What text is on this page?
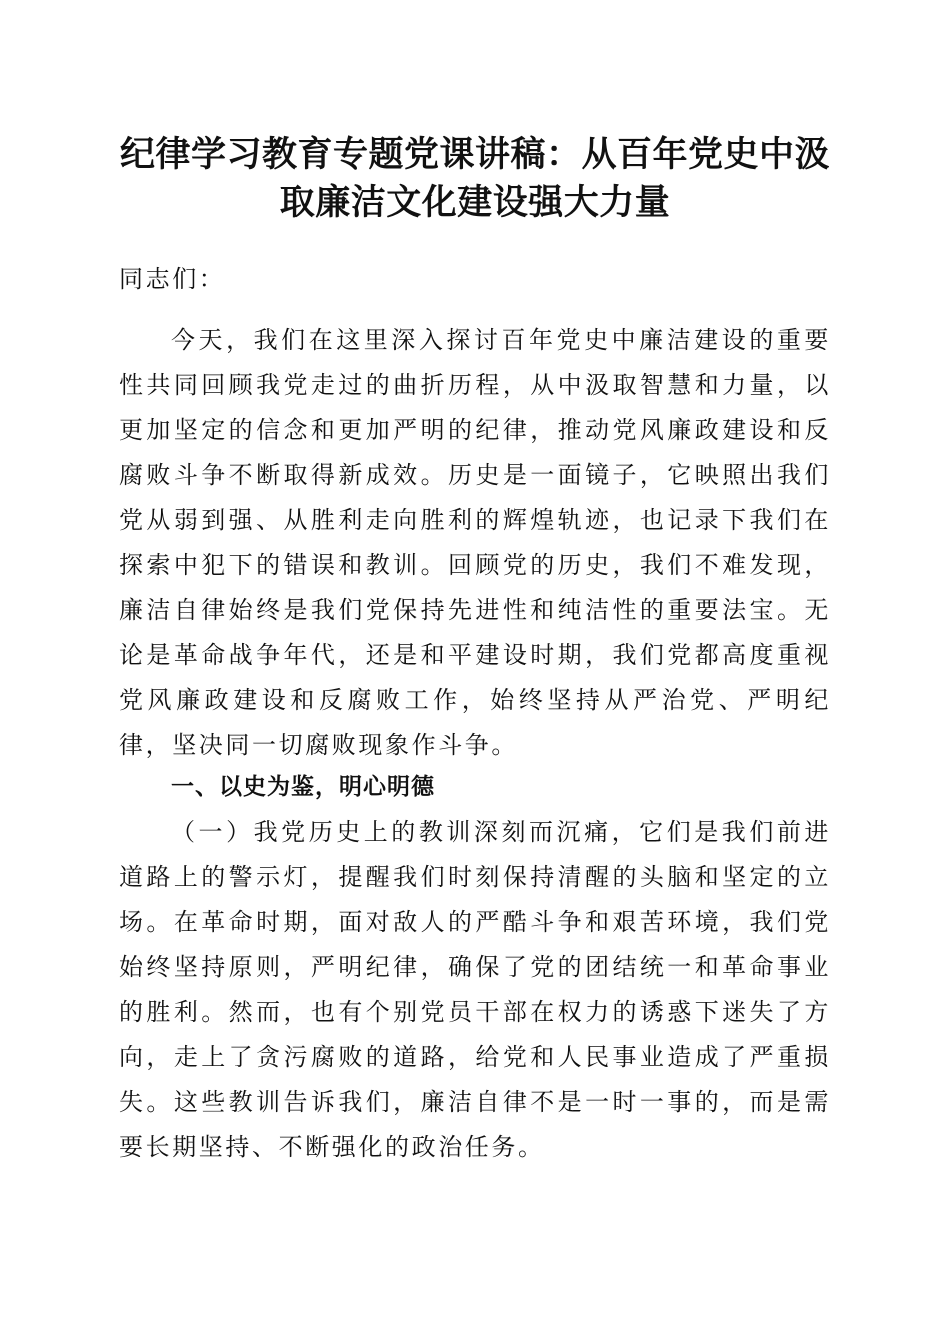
纪律学习教育专题党课讲稿：从百年党史中汲
取廉洁文化建设强大力量

同志们：

今天，我们在这里深入探讨百年党史中廉洁建设的重要性共同回顾我党走过的曲折历程，从中汲取智慧和力量，以更加坚定的信念和更加严明的纪律，推动党风廉政建设和反腐败斗争不断取得新成效。历史是一面镜子，它映照出我们党从弱到强、从胜利走向胜利的辉煌轨迹，也记录下我们在探索中犯下的错误和教训。回顾党的历史，我们不难发现，廉洁自律始终是我们党保持先进性和纯洁性的重要法宝。无论是革命战争年代，还是和平建设时期，我们党都高度重视党风廉政建设和反腐败工作，始终坚持从严治党、严明纪律，坚决同一切腐败现象作斗争。

一、以史为鉴，明心明德

（一）我党历史上的教训深刻而沉痛，它们是我们前进道路上的警示灯，提醒我们时刻保持清醒的头脑和坚定的立场。在革命时期，面对敌人的严酷斗争和艰苦环境，我们党始终坚持原则，严明纪律，确保了党的团结统一和革命事业的胜利。然而，也有个别党员干部在权力的诱惑下迷失了方向，走上了贪污腐败的道路，给党和人民事业造成了严重损失。这些教训告诉我们，廉洁自律不是一时一事的，而是需要长期坚持、不断强化的政治任务。
